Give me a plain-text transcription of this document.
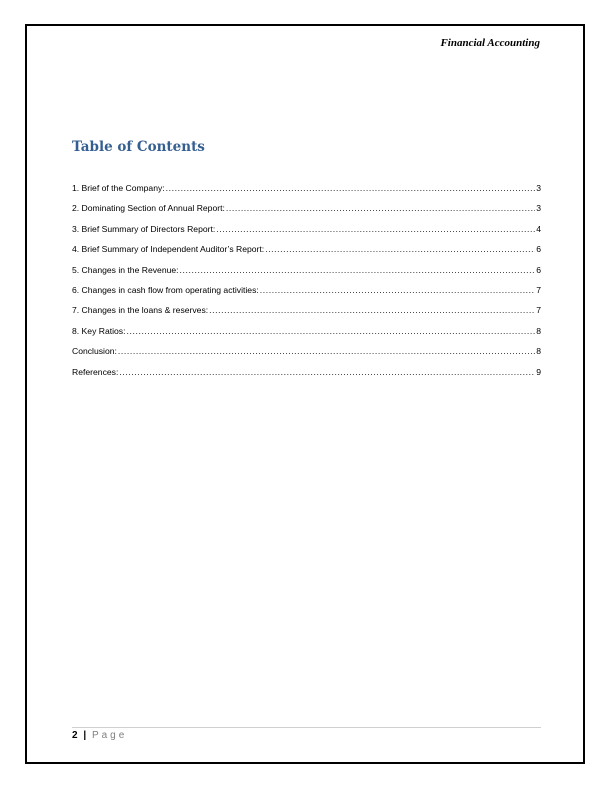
Financial Accounting
Table of Contents
1. Brief of the Company: .....	3
2. Dominating Section of Annual Report: .....	3
3. Brief Summary of Directors Report: .....	4
4. Brief Summary of Independent Auditor’s Report: .....	6
5. Changes in the Revenue: .....	6
6. Changes in cash flow from operating activities: .....	7
7. Changes in the loans & reserves: .....	7
8. Key Ratios: .....	8
Conclusion: .....	8
References: .....	9
2 | Page
